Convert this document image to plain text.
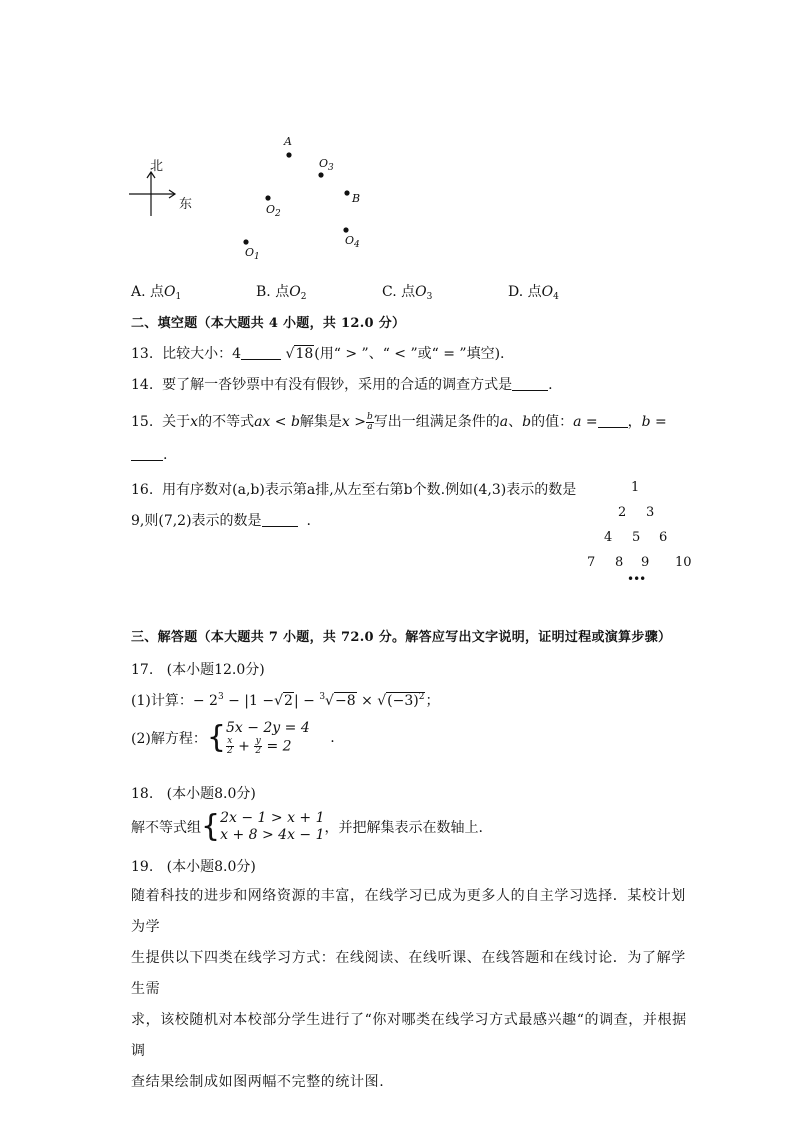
北
东
A
$O_3$
$O_2$
B
$O_4$
$O_1$
A. 点$O_1$	B. 点$O_2$	C. 点$O_3$	D. 点$O_4$
二、填空题（本大题共 4 小题，共 12.0 分）
13. 比较大小：4	√18(用“ > ”、“ < ”或“ = ”填空).
14. 要了解一沓钞票中有没有假钞，采用的合适的调查方式是	.
15. 关于x的不等式ax < b解集是$x > \frac{b}{a}$ 写出一组满足条件的a、b的值：a = ，b =
.
16. 用有序数对(a,b)表示第a排,从左至右第b个数.例如(4,3)表示的数是
9,则(7,2)表示的数是	.
1
2 3
4 5 6
7 8 9 10
•••
三、解答题（本大题共 7 小题，共 72.0 分。解答应写出文字说明，证明过程或演算步骤）
17. (本小题12.0分)
(1)计算：− $2^3 - |1 -√2| - ^3√-8 \times √(-3)^2$；
(2)解方程：{ 5x − 2y = 4
$\frac{x}{2} + \frac{y}{2} = 2$
.
18. (本小题8.0分)
解不等式组{ 2x − 1 > x + 1
x + 8 > 4x − 1 ，并把解集表示在数轴上.
19. (本小题8.0分)
随着科技的进步和网络资源的丰富，在线学习已成为更多人的自主学习选择．某校计划为学
生提供以下四类在线学习方式：在线阅读、在线听课、在线答题和在线讨论．为了解学生需
求，该校随机对本校部分学生进行了“你对哪类在线学习方式最感兴趣“的调查，并根据调
查结果绘制成如图两幅不完整的统计图.
